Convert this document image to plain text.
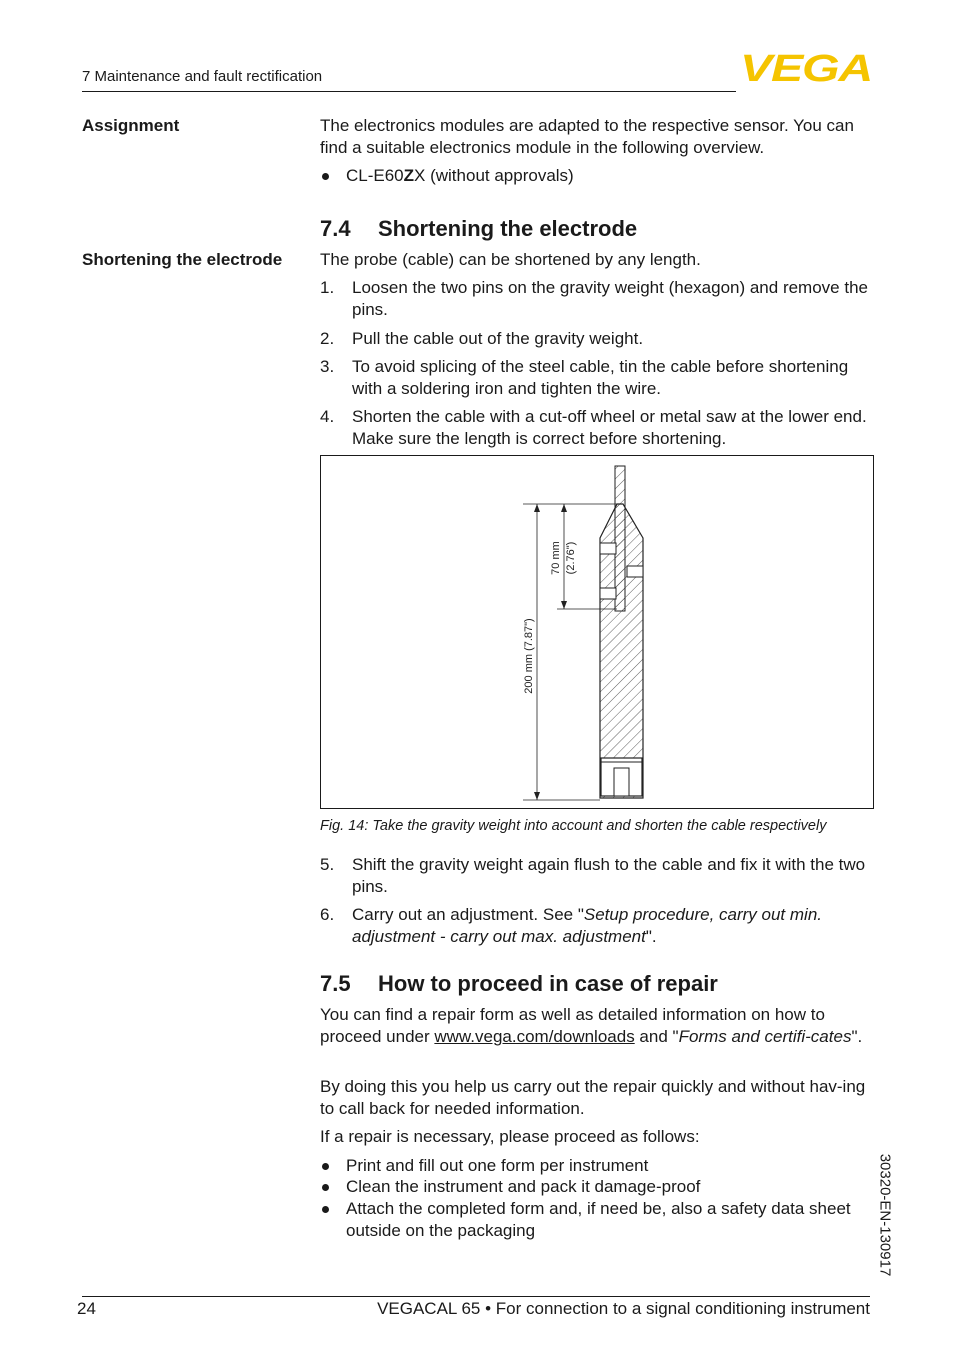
7 Maintenance and fault rectification	VEGA
Assignment	The electronics modules are adapted to the respective sensor. You can find a suitable electronics module in the following overview.
CL-E60ZX (without approvals)
7.4 Shortening the electrode
Shortening the electrode The probe (cable) can be shortened by any length.
1. Loosen the two pins on the gravity weight (hexagon) and remove the pins.
2. Pull the cable out of the gravity weight.
3. To avoid splicing of the steel cable, tin the cable before shortening with a soldering iron and tighten the wire.
4. Shorten the cable with a cut-off wheel or metal saw at the lower end. Make sure the length is correct before shortening.
70 mm (2.76")
200 mm (7.87")
Fig. 14: Take the gravity weight into account and shorten the cable respectively
5. Shift the gravity weight again flush to the cable and fix it with the two pins.
6. Carry out an adjustment. See "Setup procedure, carry out min. adjustment - carry out max. adjustment".
7.5 How to proceed in case of repair
You can find a repair form as well as detailed information on how to proceed under www.vega.com/downloads and "Forms and certifi-cates".
By doing this you help us carry out the repair quickly and without hav-ing to call back for needed information.
If a repair is necessary, please proceed as follows:
Print and fill out one form per instrument
Clean the instrument and pack it damage-proof
Attach the completed form and, if need be, also a safety data sheet outside on the packaging	30320-EN-130917
24	VEGACAL 65 • For connection to a signal conditioning instrument
